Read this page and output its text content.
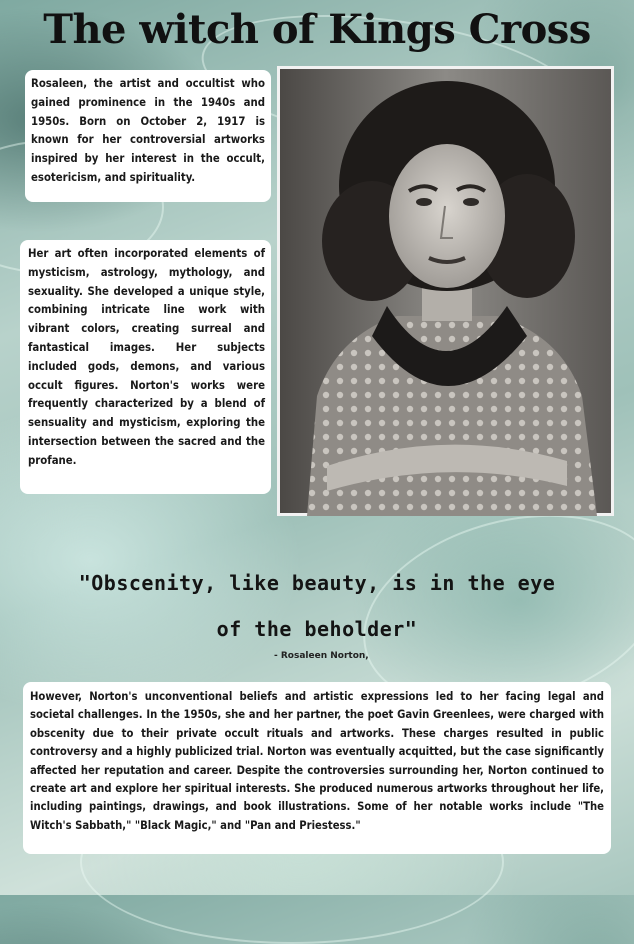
The witch of Kings Cross
Rosaleen, the artist and occultist who gained prominence in the 1940s and 1950s. Born on October 2, 1917 is known for her controversial artworks inspired by her interest in the occult, esotericism, and spirituality.
Her art often incorporated elements of mysticism, astrology, mythology, and sexuality. She developed a unique style, combining intricate line work with vibrant colors, creating surreal and fantastical images. Her subjects included gods, demons, and various occult figures. Norton's works were frequently characterized by a blend of sensuality and mysticism, exploring the intersection between the sacred and the profane.

"Obscenity, like beauty, is in the eye of the beholder"

- Rosaleen Norton,
However, Norton's unconventional beliefs and artistic expressions led to her facing legal and societal challenges. In the 1950s, she and her partner, the poet Gavin Greenlees, were charged with obscenity due to their private occult rituals and artworks. These charges resulted in public controversy and a highly publicized trial. Norton was eventually acquitted, but the case significantly affected her reputation and career. Despite the controversies surrounding her, Norton continued to create art and explore her spiritual interests. She produced numerous artworks throughout her life, including paintings, drawings, and book illustrations. Some of her notable works include "The Witch's Sabbath," "Black Magic," and "Pan and Priestess."
